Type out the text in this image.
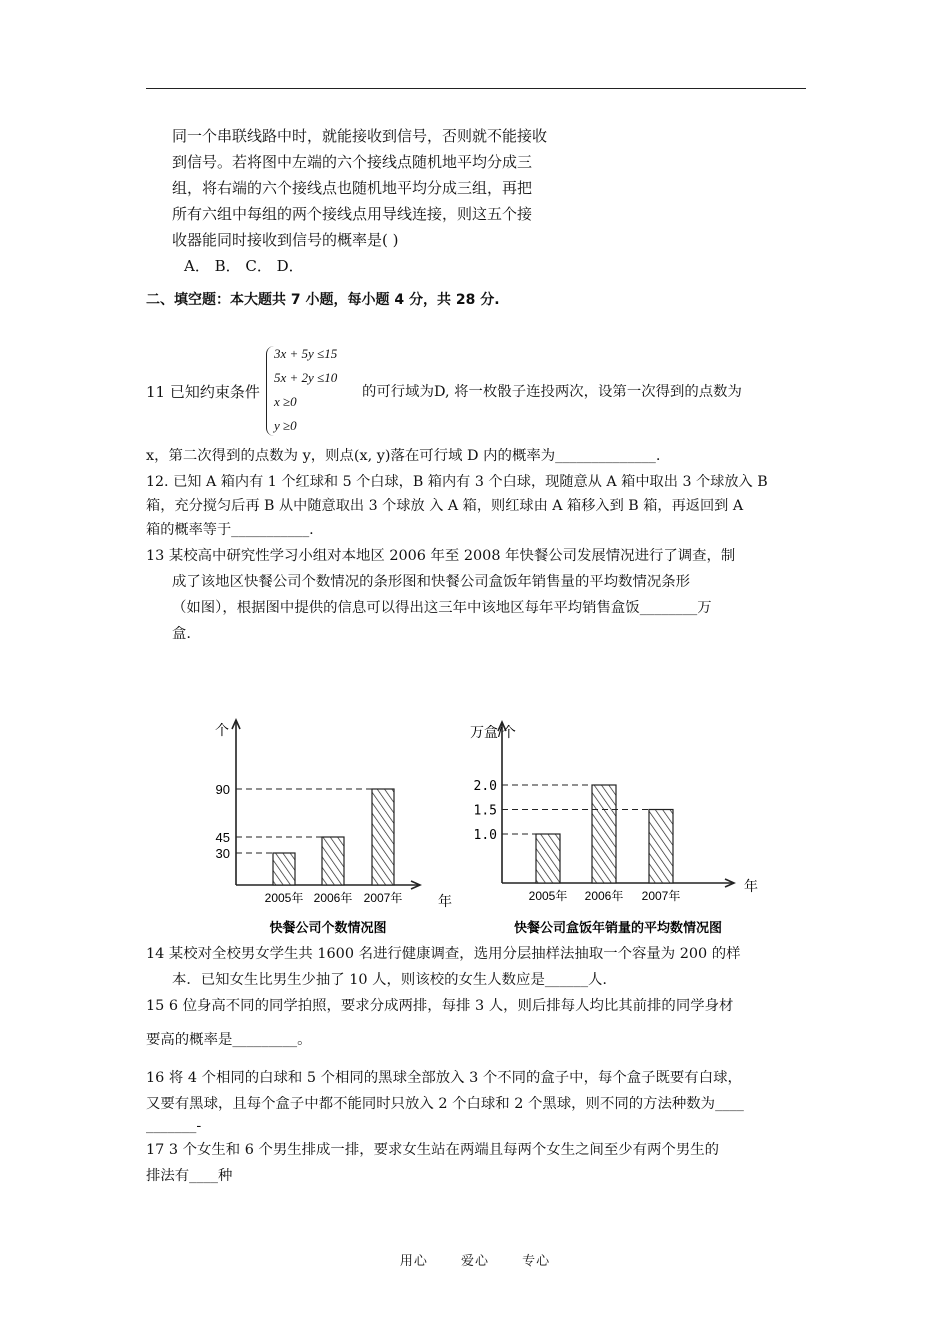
同一个串联线路中时，就能接收到信号，否则就不能接收
到信号。若将图中左端的六个接线点随机地平均分成三
组，将右端的六个接线点也随机地平均分成三组，再把
所有六组中每组的两个接线点用导线连接，则这五个接
收器能同时接收到信号的概率是( )
A． B． C． D．
二、填空题：本大题共 7 小题，每小题 4 分，共 28 分.
11 已知约束条件
3x + 5y ≤15
5x + 2y ≤10
x ≥0
y ≥0
的可行域为D, 将一枚骰子连投两次，设第一次得到的点数为
x，第二次得到的点数为 y，则点(x, y)落在可行域 D 内的概率为______________.
12. 已知 A 箱内有 1 个红球和 5 个白球，B 箱内有 3 个白球，现随意从 A 箱中取出 3 个球放入 B
箱，充分搅匀后再 B 从中随意取出 3 个球放 入 A 箱，则红球由 A 箱移入到 B 箱，再返回到 A
箱的概率等于___________.
13 某校高中研究性学习小组对本地区 2006 年至 2008 年快餐公司发展情况进行了调查，制
成了该地区快餐公司个数情况的条形图和快餐公司盒饭年销售量的平均数情况条形
（如图），根据图中提供的信息可以得出这三年中该地区每年平均销售盒饭________万
盒.
个
年
2005年 2006年 2007年
30
45
90
快餐公司个数情况图
万盒/个
年
2005年 2006年 2007年
1.0
1.5
2.0
快餐公司盒饭年销量的平均数情况图
14 某校对全校男女学生共 1600 名进行健康调查，选用分层抽样法抽取一个容量为 200 的样
本．已知女生比男生少抽了 10 人，则该校的女生人数应是______人.
15 6 位身高不同的同学拍照，要求分成两排，每排 3 人，则后排每人均比其前排的同学身材
要高的概率是_________。
16 将 4 个相同的白球和 5 个相同的黑球全部放入 3 个不同的盒子中，每个盒子既要有白球，
又要有黑球，且每个盒子中都不能同时只放入 2 个白球和 2 个黑球，则不同的方法种数为____
_______-
17 3 个女生和 6 个男生排成一排，要求女生站在两端且每两个女生之间至少有两个男生的
排法有____种
用心	爱心	专心
